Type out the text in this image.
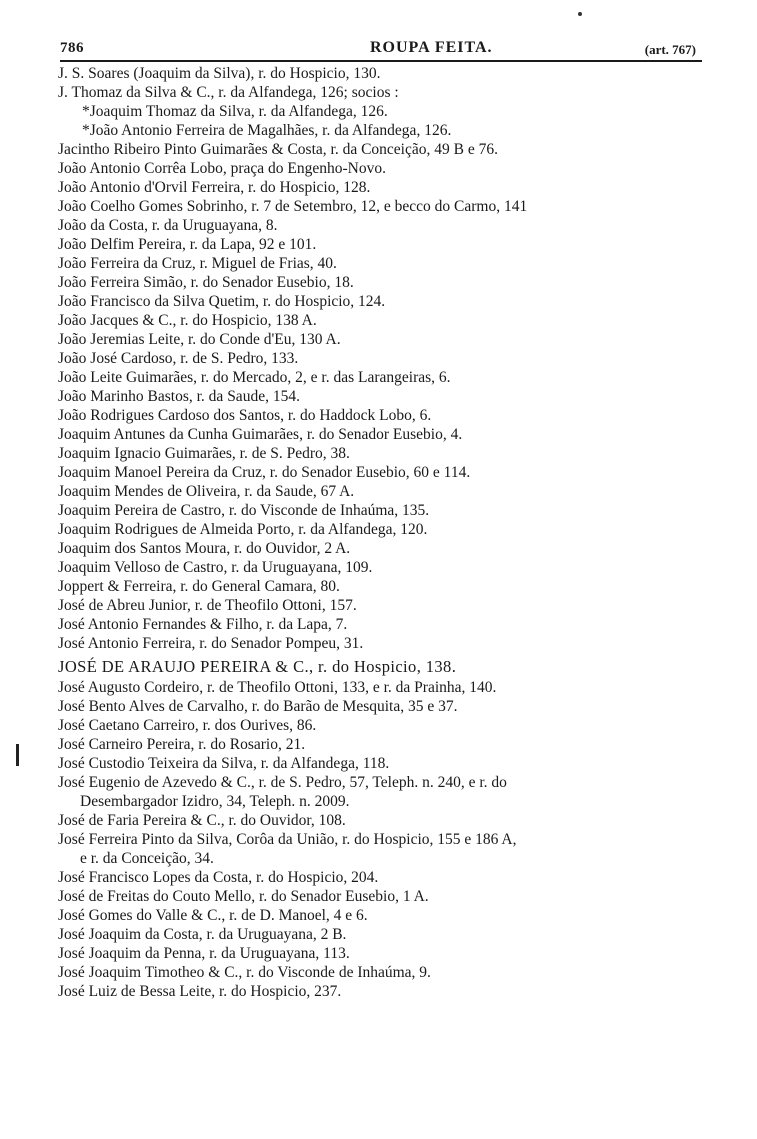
786	ROUPA FEITA.	(art. 767)
J. S. Soares (Joaquim da Silva), r. do Hospicio, 130.
J. Thomaz da Silva & C., r. da Alfandega, 126; socios :
*Joaquim Thomaz da Silva, r. da Alfandega, 126.
*João Antonio Ferreira de Magalhães, r. da Alfandega, 126.
Jacintho Ribeiro Pinto Guimarães & Costa, r. da Conceição, 49 B e 76.
João Antonio Corrêa Lobo, praça do Engenho-Novo.
João Antonio d'Orvil Ferreira, r. do Hospicio, 128.
João Coelho Gomes Sobrinho, r. 7 de Setembro, 12, e becco do Carmo, 141
João da Costa, r. da Uruguayana, 8.
João Delfim Pereira, r. da Lapa, 92 e 101.
João Ferreira da Cruz, r. Miguel de Frias, 40.
João Ferreira Simão, r. do Senador Eusebio, 18.
João Francisco da Silva Quetim, r. do Hospicio, 124.
João Jacques & C., r. do Hospicio, 138 A.
João Jeremias Leite, r. do Conde d'Eu, 130 A.
João José Cardoso, r. de S. Pedro, 133.
João Leite Guimarães, r. do Mercado, 2, e r. das Larangeiras, 6.
João Marinho Bastos, r. da Saude, 154.
João Rodrigues Cardoso dos Santos, r. do Haddock Lobo, 6.
Joaquim Antunes da Cunha Guimarães, r. do Senador Eusebio, 4.
Joaquim Ignacio Guimarães, r. de S. Pedro, 38.
Joaquim Manoel Pereira da Cruz, r. do Senador Eusebio, 60 e 114.
Joaquim Mendes de Oliveira, r. da Saude, 67 A.
Joaquim Pereira de Castro, r. do Visconde de Inhaúma, 135.
Joaquim Rodrigues de Almeida Porto, r. da Alfandega, 120.
Joaquim dos Santos Moura, r. do Ouvidor, 2 A.
Joaquim Velloso de Castro, r. da Uruguayana, 109.
Joppert & Ferreira, r. do General Camara, 80.
José de Abreu Junior, r. de Theofilo Ottoni, 157.
José Antonio Fernandes & Filho, r. da Lapa, 7.
José Antonio Ferreira, r. do Senador Pompeu, 31.
JOSÉ DE ARAUJO PEREIRA & C., r. do Hospicio, 138.
José Augusto Cordeiro, r. de Theofilo Ottoni, 133, e r. da Prainha, 140.
José Bento Alves de Carvalho, r. do Barão de Mesquita, 35 e 37.
José Caetano Carreiro, r. dos Ourives, 86.
José Carneiro Pereira, r. do Rosario, 21.
José Custodio Teixeira da Silva, r. da Alfandega, 118.
José Eugenio de Azevedo & C., r. de S. Pedro, 57, Teleph. n. 240, e r. do
Desembargador Izidro, 34, Teleph. n. 2009.
José de Faria Pereira & C., r. do Ouvidor, 108.
José Ferreira Pinto da Silva, Corôa da União, r. do Hospicio, 155 e 186 A,
e r. da Conceição, 34.
José Francisco Lopes da Costa, r. do Hospicio, 204.
José de Freitas do Couto Mello, r. do Senador Eusebio, 1 A.
José Gomes do Valle & C., r. de D. Manoel, 4 e 6.
José Joaquim da Costa, r. da Uruguayana, 2 B.
José Joaquim da Penna, r. da Uruguayana, 113.
José Joaquim Timotheo & C., r. do Visconde de Inhaúma, 9.
José Luiz de Bessa Leite, r. do Hospicio, 237.
